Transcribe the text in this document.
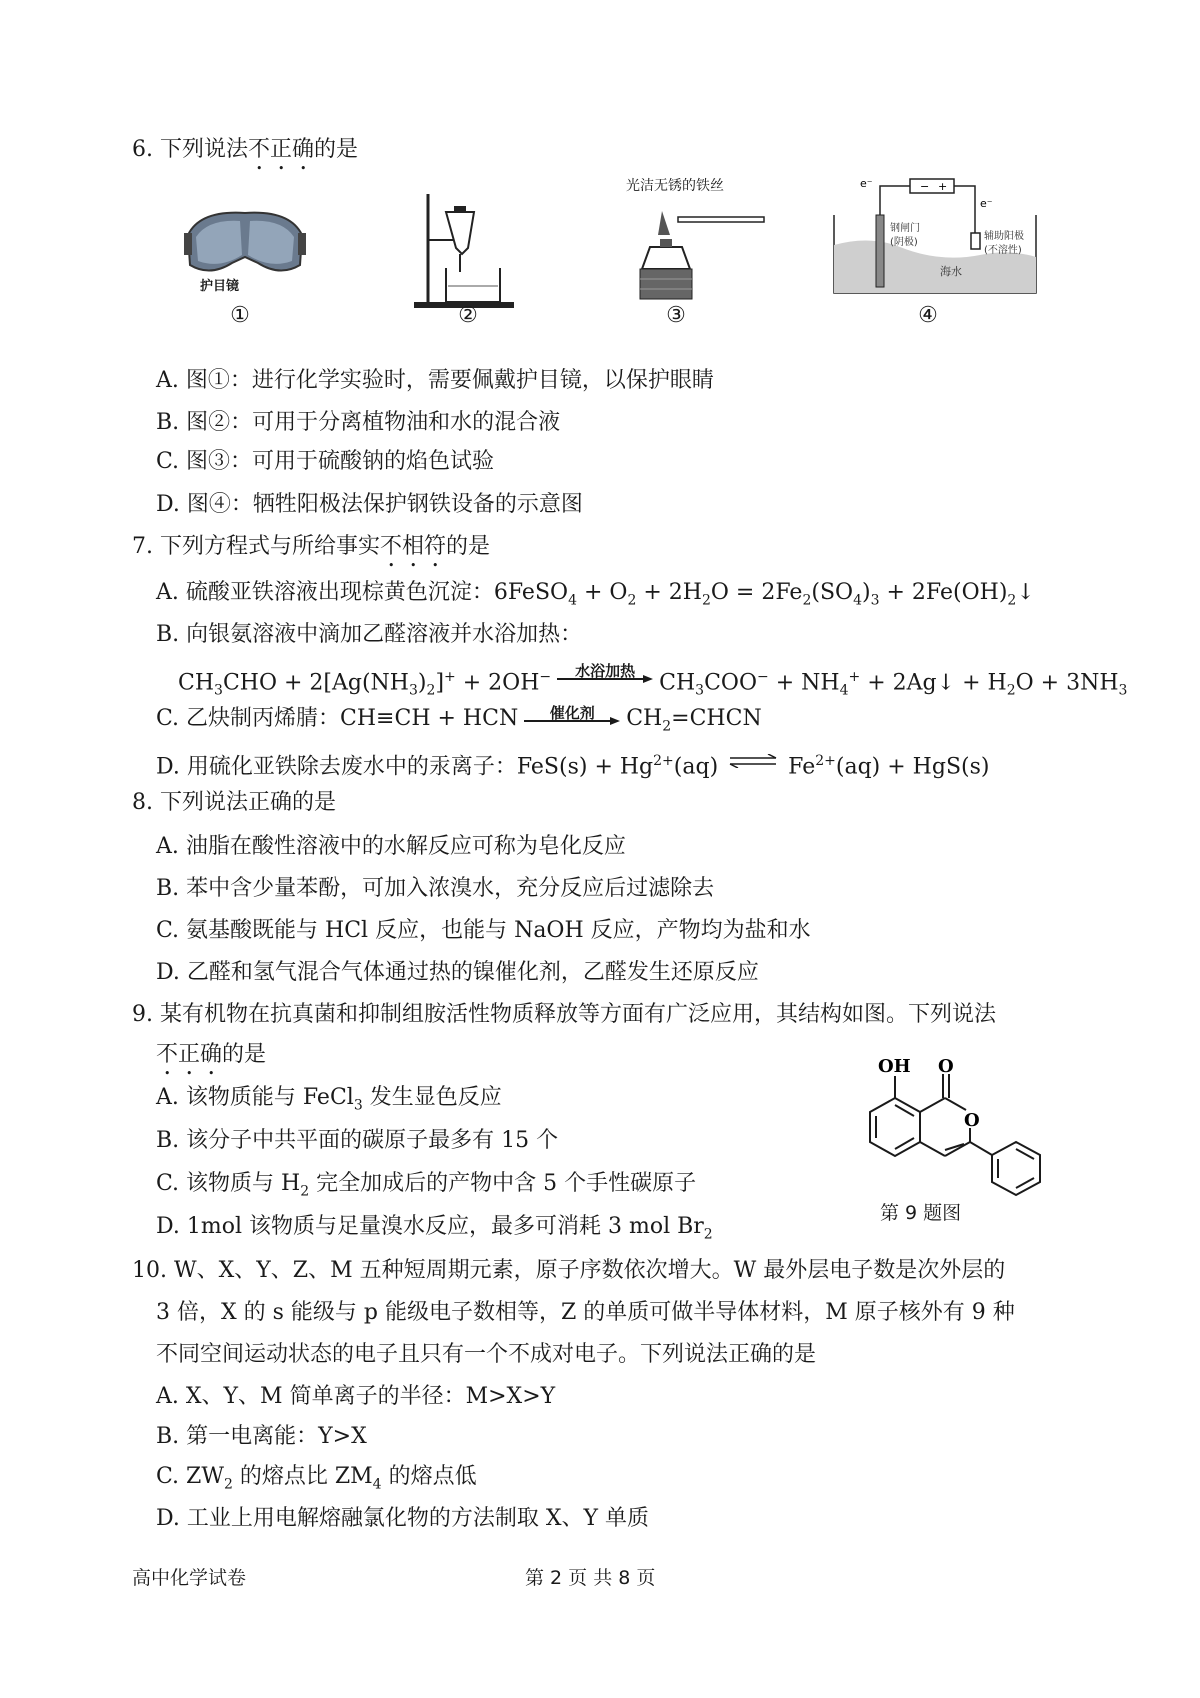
6. 下列说法不正确的是
护目镜
光洁无锈的铁丝	− +
e⁻
e⁻
钢闸门
(阴极)
辅助阳极
(不溶性)
海水
①	②	③	④
A. 图①：进行化学实验时，需要佩戴护目镜，以保护眼睛
B. 图②：可用于分离植物油和水的混合液
C. 图③：可用于硫酸钠的焰色试验
D. 图④：牺牲阳极法保护钢铁设备的示意图
7. 下列方程式与所给事实不相符的是
A. 硫酸亚铁溶液出现棕黄色沉淀：6FeSO$_4$ + $O_2 + 2H_2O = 2Fe_2(SO_4)_3$ + $2Fe(OH)_2↓$
B. 向银氨溶液中滴加乙醛溶液并水浴加热：
$CH_3CHO + 2[Ag(NH_3)_2]^+ + 2OH^-$	水浴加热	$CH_3COO^- + NH_4^+$ + 2Ag↓ + $H_2O + 3NH_3$
C. 乙炔制丙烯腈：CH≡CH + HCN	催化剂	$CH_2=CHCN$
D. 用硫化亚铁除去废水中的汞离子：$FeS(s) + Hg^{2+}(aq)$ ⇌ $Fe^{2+}(aq) + HgS(s)$
8. 下列说法正确的是
A. 油脂在酸性溶液中的水解反应可称为皂化反应
B. 苯中含少量苯酚，可加入浓溴水，充分反应后过滤除去
C. 氨基酸既能与 HCl 反应，也能与 NaOH 反应，产物均为盐和水
D. 乙醛和氢气混合气体通过热的镍催化剂，乙醛发生还原反应
9. 某有机物在抗真菌和抑制组胺活性物质释放等方面有广泛应用，其结构如图。下列说法
不正确的是
A. 该物质能与 FeCl$_3$ 发生显色反应
B. 该分子中共平面的碳原子最多有 15 个
C. 该物质与 $H_2$ 完全加成后的产物中含 5 个手性碳原子
D. 1mol 该物质与足量溴水反应，最多可消耗 3 mol $Br_2$
OH O
O
第 9 题图
10. W、X、Y、Z、M 五种短周期元素，原子序数依次增大。W 最外层电子数是次外层的
3 倍，X 的 s 能级与 p 能级电子数相等，Z 的单质可做半导体材料，M 原子核外有 9 种
不同空间运动状态的电子且只有一个不成对电子。下列说法正确的是
A. X、Y、M 简单离子的半径：M>X>Y
B. 第一电离能：Y>X
C. $ZW_2$ 的熔点比 $ZM_4$ 的熔点低
D. 工业上用电解熔融氯化物的方法制取 X、Y 单质
高中化学试卷	第 2 页 共 8 页
